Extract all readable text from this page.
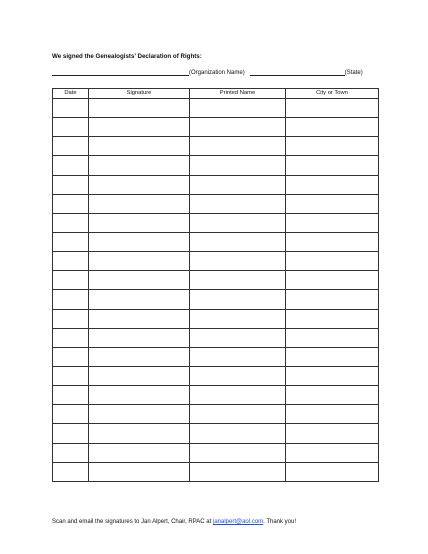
We signed the Genealogists’ Declaration of Rights:
(Organization Name)	(State)
Date	Signature	Printed Name	City or Town

Scan and email the signatures to Jan Alpert, Chair, RPAC at janalpert@aol.com. Thank you!
